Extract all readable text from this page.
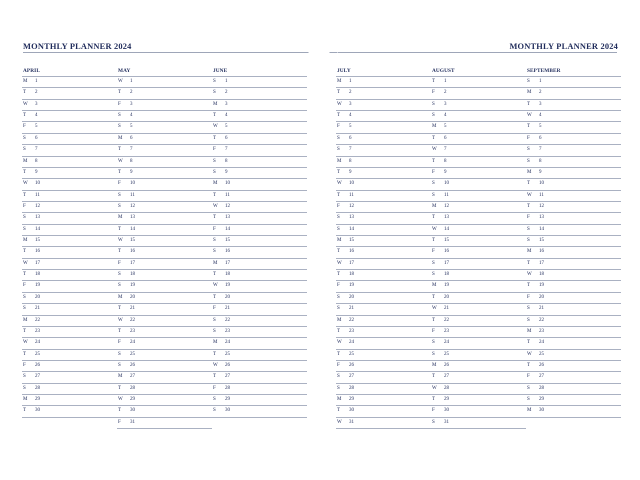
MONTHLY PLANNER 2024
APRIL
M 1
T 2
W 3
T 4
F 5
S 6
S 7
M 8
T 9
W 10
T 11
F 12
S 13
S 14
M 15
T 16
W 17
T 18
F 19
S 20
S 21
M 22
T 23
W 24
T 25
F 26
S 27
S 28
M 29
T 30
MAY
W 1
T 2
F 3
S 4
S 5
M 6
T 7
W 8
T 9
F 10
S 11
S 12
M 13
T 14
W 15
T 16
F 17
S 18
S 19
M 20
T 21
W 22
T 23
F 24
S 25
S 26
M 27
T 28
W 29
T 30
F 31
JUNE
S 1
S 2
M 3
T 4
W 5
T 6
F 7
S 8
S 9
M 10
T 11
W 12
T 13
F 14
S 15
S 16
M 17
T 18
W 19
T 20
F 21
S 22
S 23
M 24
T 25
W 26
T 27
F 28
S 29
S 30
MONTHLY PLANNER 2024
JULY
M 1
T 2
W 3
T 4
F 5
S 6
S 7
M 8
T 9
W 10
T 11
F 12
S 13
S 14
M 15
T 16
W 17
T 18
F 19
S 20
S 21
M 22
T 23
W 24
T 25
F 26
S 27
S 28
M 29
T 30
W 31
AUGUST
T 1
F 2
S 3
S 4
M 5
T 6
W 7
T 8
F 9
S 10
S 11
M 12
T 13
W 14
T 15
F 16
S 17
S 18
M 19
T 20
W 21
T 22
F 23
S 24
S 25
M 26
T 27
W 28
T 29
F 30
S 31
SEPTEMBER
S 1
M 2
T 3
W 4
T 5
F 6
S 7
S 8
M 9
T 10
W 11
T 12
F 13
S 14
S 15
M 16
T 17
W 18
T 19
F 20
S 21
S 22
M 23
T 24
W 25
T 26
F 27
S 28
S 29
M 30
